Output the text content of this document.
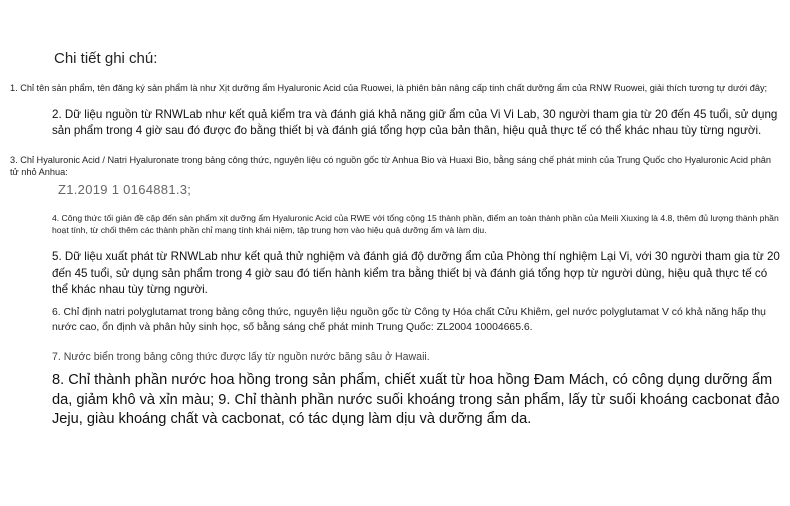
Chi tiết ghi chú:

1. Chỉ tên sản phẩm, tên đăng ký sản phẩm là như Xịt dưỡng ẩm Hyaluronic Acid của Ruowei, là phiên bản nâng cấp tinh chất dưỡng ẩm của RNW Ruowei, giải thích tương tự dưới đây;

2. Dữ liệu nguồn từ RNWLab như kết quả kiểm tra và đánh giá khả năng giữ ẩm của Vi Vi Lab, 30 người tham gia từ 20 đến 45 tuổi, sử dụng sản phẩm trong 4 giờ sau đó được đo bằng thiết bị và đánh giá tổng hợp của bản thân, hiệu quả thực tế có thể khác nhau tùy từng người.

3. Chỉ Hyaluronic Acid / Natri Hyaluronate trong bảng công thức, nguyên liệu có nguồn gốc từ Anhua Bio và Huaxi Bio, bằng sáng chế phát minh của Trung Quốc cho Hyaluronic Acid phân tử nhỏ Anhua:

Z1.2019 1 0164881.3;

4. Công thức tối giản đề cập đến sản phẩm xịt dưỡng ẩm Hyaluronic Acid của RWE với tổng cộng 15 thành phần, điểm an toàn thành phần của Meili Xiuxing là 4.8, thêm đủ lượng thành phần hoạt tính, từ chối thêm các thành phần chỉ mang tính khái niệm, tập trung hơn vào hiệu quả dưỡng ẩm và làm dịu.

5. Dữ liệu xuất phát từ RNWLab như kết quả thử nghiệm và đánh giá độ dưỡng ẩm của Phòng thí nghiệm Lại Vi, với 30 người tham gia từ 20 đến 45 tuổi, sử dụng sản phẩm trong 4 giờ sau đó tiến hành kiểm tra bằng thiết bị và đánh giá tổng hợp từ người dùng, hiệu quả thực tế có thể khác nhau tùy từng người.

6. Chỉ định natri polyglutamat trong bảng công thức, nguyên liệu nguồn gốc từ Công ty Hóa chất Cửu Khiêm, gel nước polyglutamat V có khả năng hấp thụ nước cao, ổn định và phân hủy sinh học, số bằng sáng chế phát minh Trung Quốc: ZL2004 10004665.6.

7. Nước biển trong bảng công thức được lấy từ nguồn nước băng sâu ở Hawaii.

8. Chỉ thành phần nước hoa hồng trong sản phẩm, chiết xuất từ hoa hồng Đam Mách, có công dụng dưỡng ẩm da, giảm khô và xỉn màu; 9. Chỉ thành phần nước suối khoáng trong sản phẩm, lấy từ suối khoáng cacbonat đảo Jeju, giàu khoáng chất và cacbonat, có tác dụng làm dịu và dưỡng ẩm da.
